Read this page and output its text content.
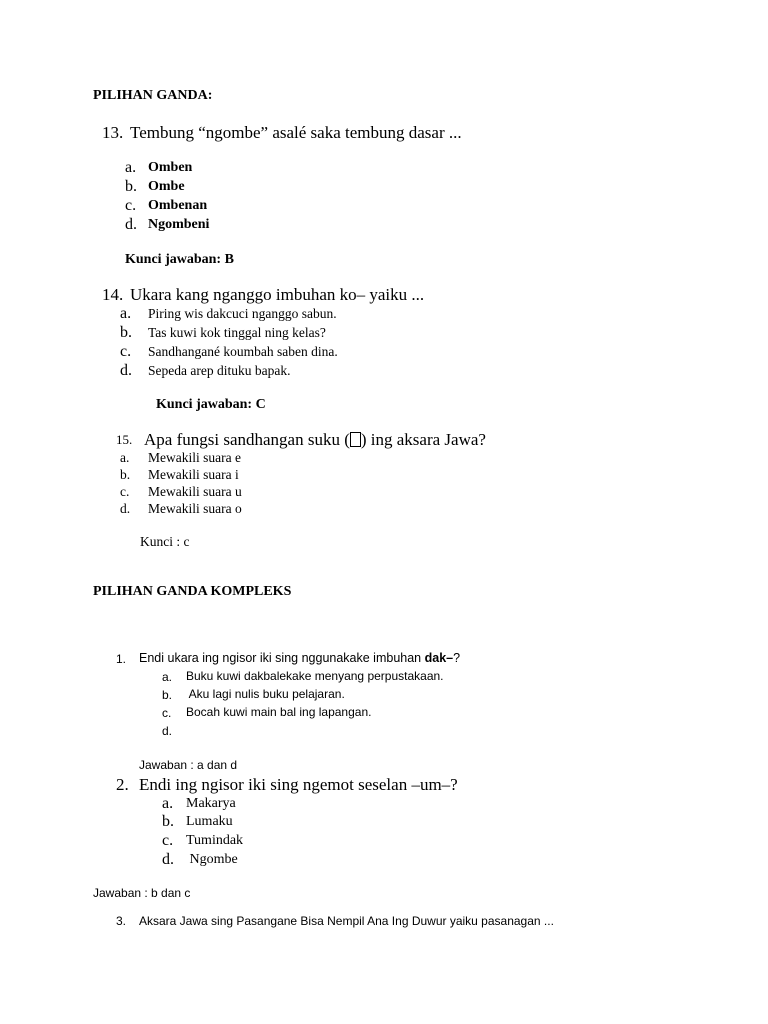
PILIHAN GANDA:
13. Tembung “ngombe” asalé saka tembung dasar ...
a. Omben
b. Ombe
c. Ombenan
d. Ngombeni
Kunci jawaban: B
14. Ukara kang nganggo imbuhan ko– yaiku ...
a. Piring wis dakcuci nganggo sabun.
b. Tas kuwi kok tinggal ning kelas?
c. Sandhangané koumbah saben dina.
d. Sepeda arep dituku bapak.
Kunci jawaban: C
15. Apa fungsi sandhangan suku ( ) ing aksara Jawa?
a. Mewakili suara e
b. Mewakili suara i
c. Mewakili suara u
d. Mewakili suara o
Kunci : c
PILIHAN GANDA KOMPLEKS
1. Endi ukara ing ngisor iki sing nggunakake imbuhan dak–?
a. Buku kuwi dakbalekake menyang perpustakaan.
b. Aku lagi nulis buku pelajaran.
c. Bocah kuwi main bal ing lapangan.
d.
Jawaban : a dan d
2. Endi ing ngisor iki sing ngemot seselan –um–?
a. Makarya
b. Lumaku
c. Tumindak
d. Ngombe
Jawaban : b dan c
3. Aksara Jawa sing Pasangane Bisa Nempil Ana Ing Duwur yaiku pasanagan ...
